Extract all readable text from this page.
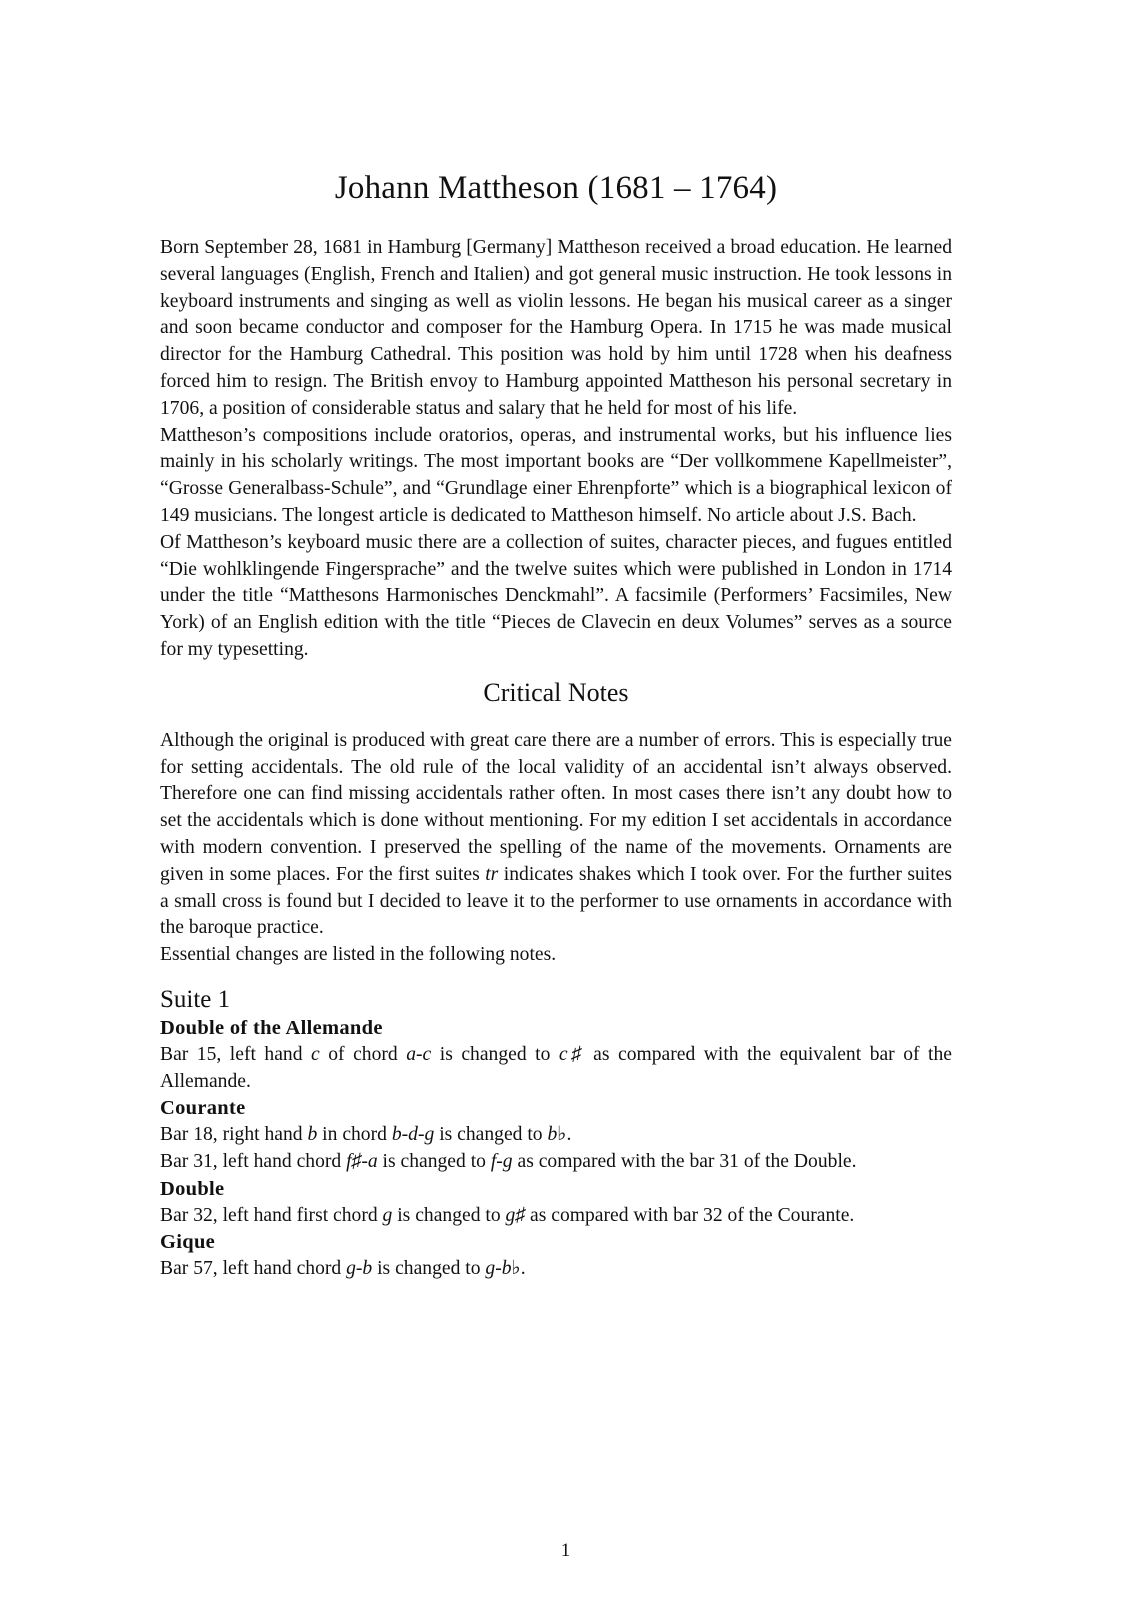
Johann Mattheson (1681 – 1764)

Born September 28, 1681 in Hamburg [Germany] Mattheson received a broad education. He learned several languages (English, French and Italien) and got general music instruction. He took lessons in keyboard instruments and singing as well as violin lessons. He began his musical career as a singer and soon became conductor and composer for the Hamburg Opera. In 1715 he was made musical director for the Hamburg Cathedral. This position was hold by him until 1728 when his deafness forced him to resign. The British envoy to Hamburg appointed Mattheson his personal secretary in 1706, a position of considerable status and salary that he held for most of his life.

Mattheson’s compositions include oratorios, operas, and instrumental works, but his influence lies mainly in his scholarly writings. The most important books are “Der vollkommene Kapellmeister”, “Grosse Generalbass-Schule”, and “Grundlage einer Ehrenpforte” which is a biographical lexicon of 149 musicians. The longest article is dedicated to Mattheson himself. No article about J.S. Bach.

Of Mattheson’s keyboard music there are a collection of suites, character pieces, and fugues entitled “Die wohlklingende Fingersprache” and the twelve suites which were published in London in 1714 under the title “Matthesons Harmonisches Denckmahl”. A facsimile (Performers’ Facsimiles, New York) of an English edition with the title “Pieces de Clavecin en deux Volumes” serves as a source for my typesetting.

Critical Notes

Although the original is produced with great care there are a number of errors. This is especially true for setting accidentals. The old rule of the local validity of an accidental isn’t always observed. Therefore one can find missing accidentals rather often. In most cases there isn’t any doubt how to set the accidentals which is done without mentioning. For my edition I set accidentals in accordance with modern convention. I preserved the spelling of the name of the movements. Ornaments are given in some places. For the first suites tr indicates shakes which I took over. For the further suites a small cross is found but I decided to leave it to the performer to use ornaments in accordance with the baroque practice.

Essential changes are listed in the following notes.

Suite 1
Double of the Allemande

Bar 15, left hand c of chord a-c is changed to c♯ as compared with the equivalent bar of the Allemande.

Courante

Bar 18, right hand b in chord b-d-g is changed to b♭.

Bar 31, left hand chord f♯-a is changed to f-g as compared with the bar 31 of the Double.

Double

Bar 32, left hand first chord g is changed to g♯ as compared with bar 32 of the Courante.

Gique

Bar 57, left hand chord g-b is changed to g-b♭.

1
